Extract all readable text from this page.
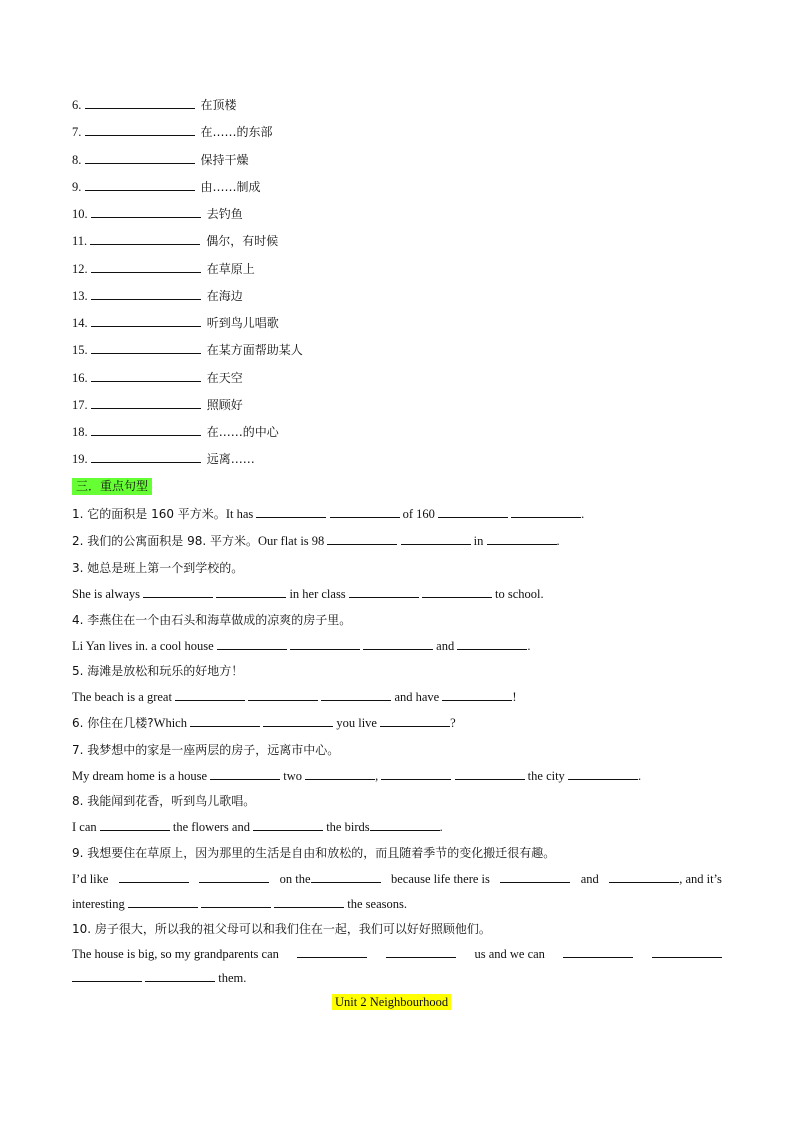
6.	在顶楼
7.	在……的东部
8.	保持干燥
9.	由……制成
10.	去钓鱼
11.	偶尔，有时候
12.	在草原上
13.	在海边
14.	听到鸟儿唱歌
15.	在某方面帮助某人
16.	在天空
17.	照顾好
18.	在……的中心
19.	远离……
三．重点句型
1. 它的面积是 160 平方米。It has	of 160	.
2. 我们的公寓面积是 98. 平方米。Our flat is 98	in	.
3. 她总是班上第一个到学校的。
She is always	in her class	to school.
4. 李燕住在一个由石头和海草做成的凉爽的房子里。
Li Yan lives in. a cool house	and	.
5. 海滩是放松和玩乐的好地方！
The beach is a great	and have	!
6. 你住在几楼?Which	you live	?
7. 我梦想中的家是一座两层的房子，远离市中心。
My dream home is a house	two	,	the city	.
8. 我能闻到花香，听到鸟儿歌唱。
I can	the flowers and	the birds	.
9. 我想要住在草原上，因为那里的生活是自由和放松的，而且随着季节的变化搬迁很有趣。
I’d like	on the	because life there is	and	, and it’s
interesting	the seasons.
10. 房子很大，所以我的祖父母可以和我们住在一起，我们可以好好照顾他们。
The house is big, so my grandparents can	us and we can
them.
Unit 2 Neighbourhood
